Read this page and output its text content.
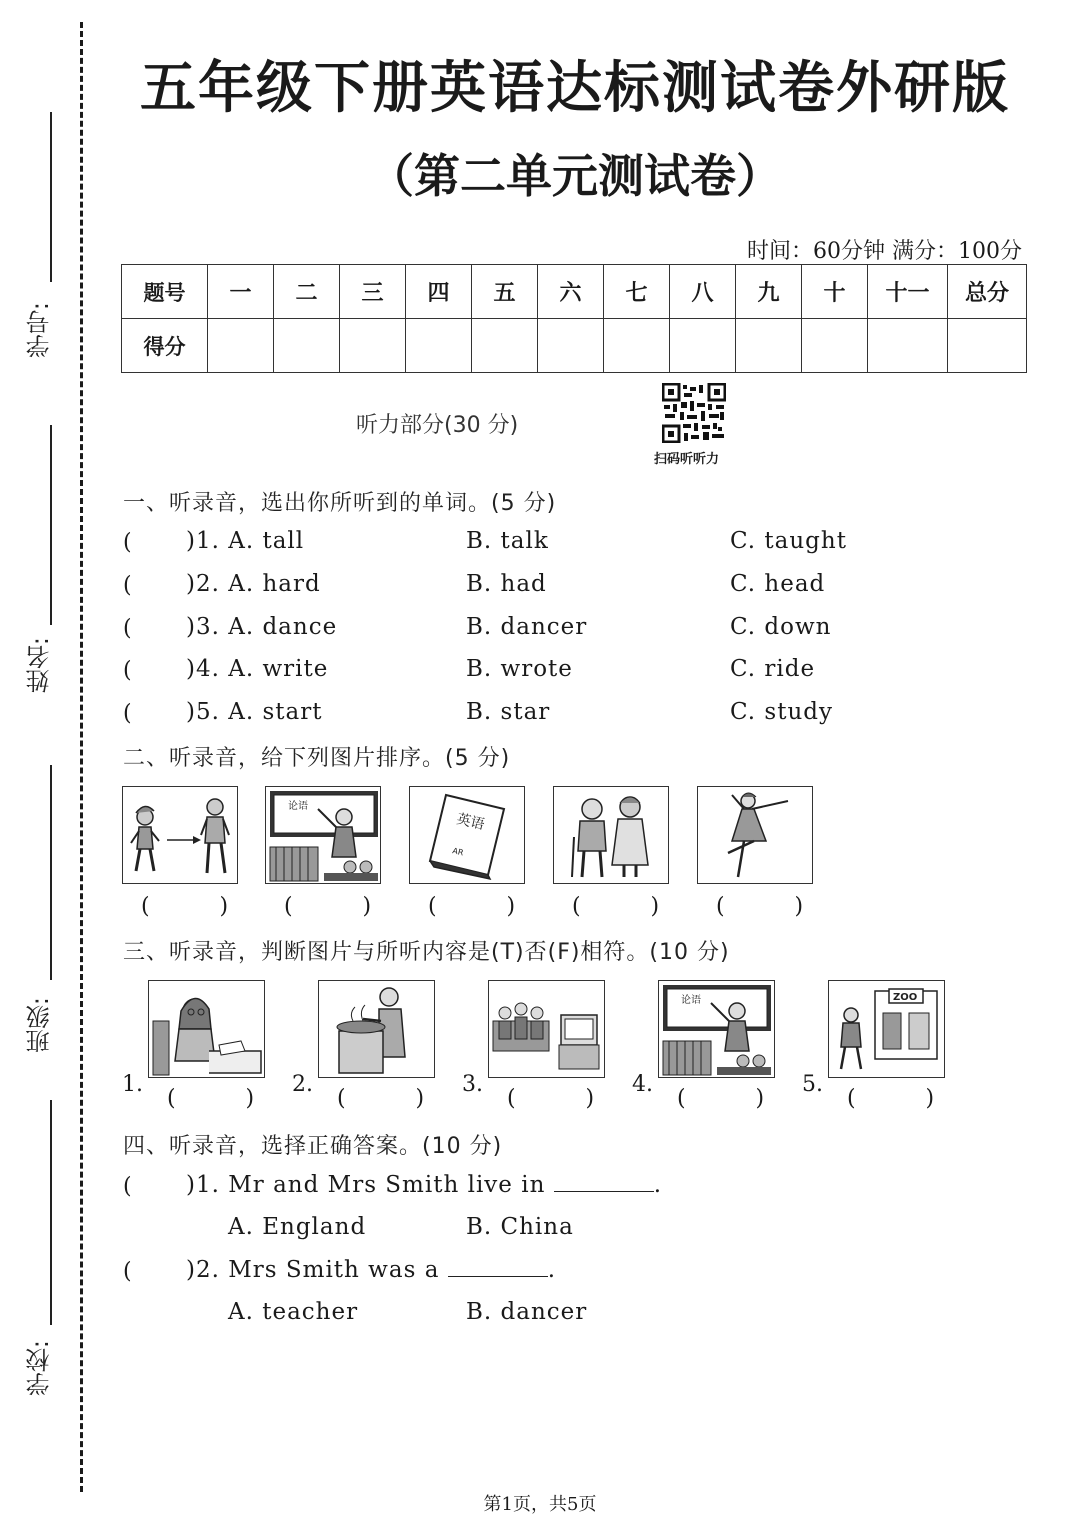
学号:
姓名:
班级:
学校:
五年级下册英语达标测试卷外研版
（第二单元测试卷）
时间：60分钟 满分：100分
题号	一	二	三	四	五	六	七	八	九	十	十一	总分
得分												
听力部分(30 分)
扫码听听力
一、听录音，选出你所听到的单词。(5 分)
( )1. A. tall	B. talk	C. taught
( )2. A. hard	B. had	C. head
( )3. A. dance	B. dancer	C. down
( )4. A. write	B. wrote	C. ride
( )5. A. start	B. star	C. study
二、听录音，给下列图片排序。(5 分)
论语
英语
AR
(          )	(          )	(          )	(          )	(          )
三、听录音，判断图片与所听内容是(T)否(F)相符。(10 分)
论语	ZOO
1.	2.	3.	4.	5.
(          )	(          )	(          )	(          )	(          )
四、听录音，选择正确答案。(10 分)
( )1. Mr and Mrs Smith live in	.
A. England	B. China
( )2. Mrs Smith was a	.
A. teacher	B. dancer
第1页，共5页
